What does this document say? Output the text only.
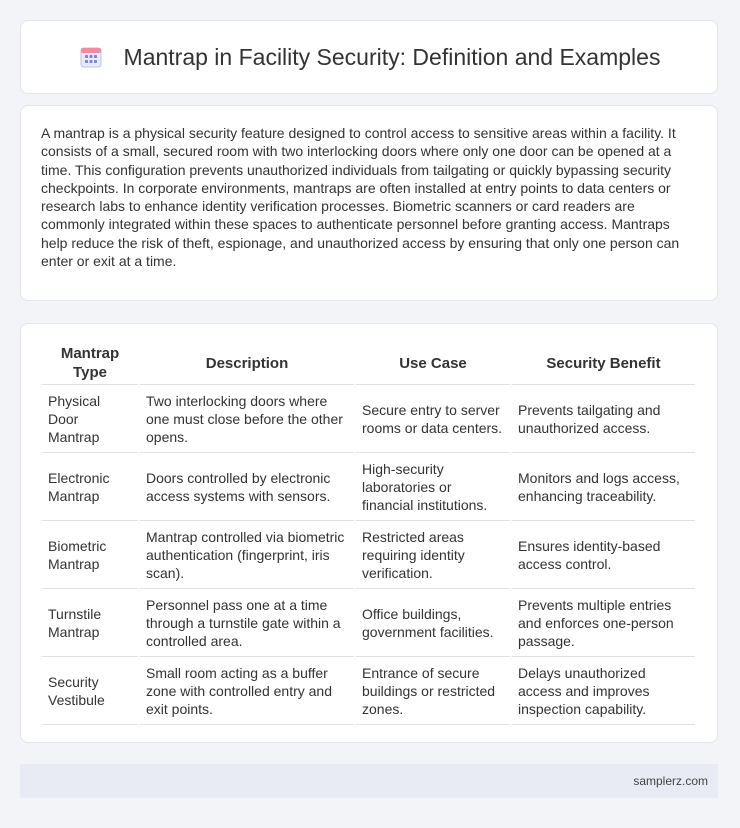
Mantrap in Facility Security: Definition and Examples

A mantrap is a physical security feature designed to control access to sensitive areas within a facility. It consists of a small, secured room with two interlocking doors where only one door can be opened at a time. This configuration prevents unauthorized individuals from tailgating or quickly bypassing security checkpoints. In corporate environments, mantraps are often installed at entry points to data centers or research labs to enhance identity verification processes. Biometric scanners or card readers are commonly integrated within these spaces to authenticate personnel before granting access. Mantraps help reduce the risk of theft, espionage, and unauthorized access by ensuring that only one person can enter or exit at a time.

Mantrap Type	Description	Use Case	Security Benefit
Physical Door Mantrap	Two interlocking doors where one must close before the other opens.	Secure entry to server rooms or data centers.	Prevents tailgating and unauthorized access.
Electronic Mantrap	Doors controlled by electronic access systems with sensors.	High-security laboratories or financial institutions.	Monitors and logs access, enhancing traceability.
Biometric Mantrap	Mantrap controlled via biometric authentication (fingerprint, iris scan).	Restricted areas requiring identity verification.	Ensures identity-based access control.
Turnstile Mantrap	Personnel pass one at a time through a turnstile gate within a controlled area.	Office buildings, government facilities.	Prevents multiple entries and enforces one-person passage.
Security Vestibule	Small room acting as a buffer zone with controlled entry and exit points.	Entrance of secure buildings or restricted zones.	Delays unauthorized access and improves inspection capability.
samplerz.com
